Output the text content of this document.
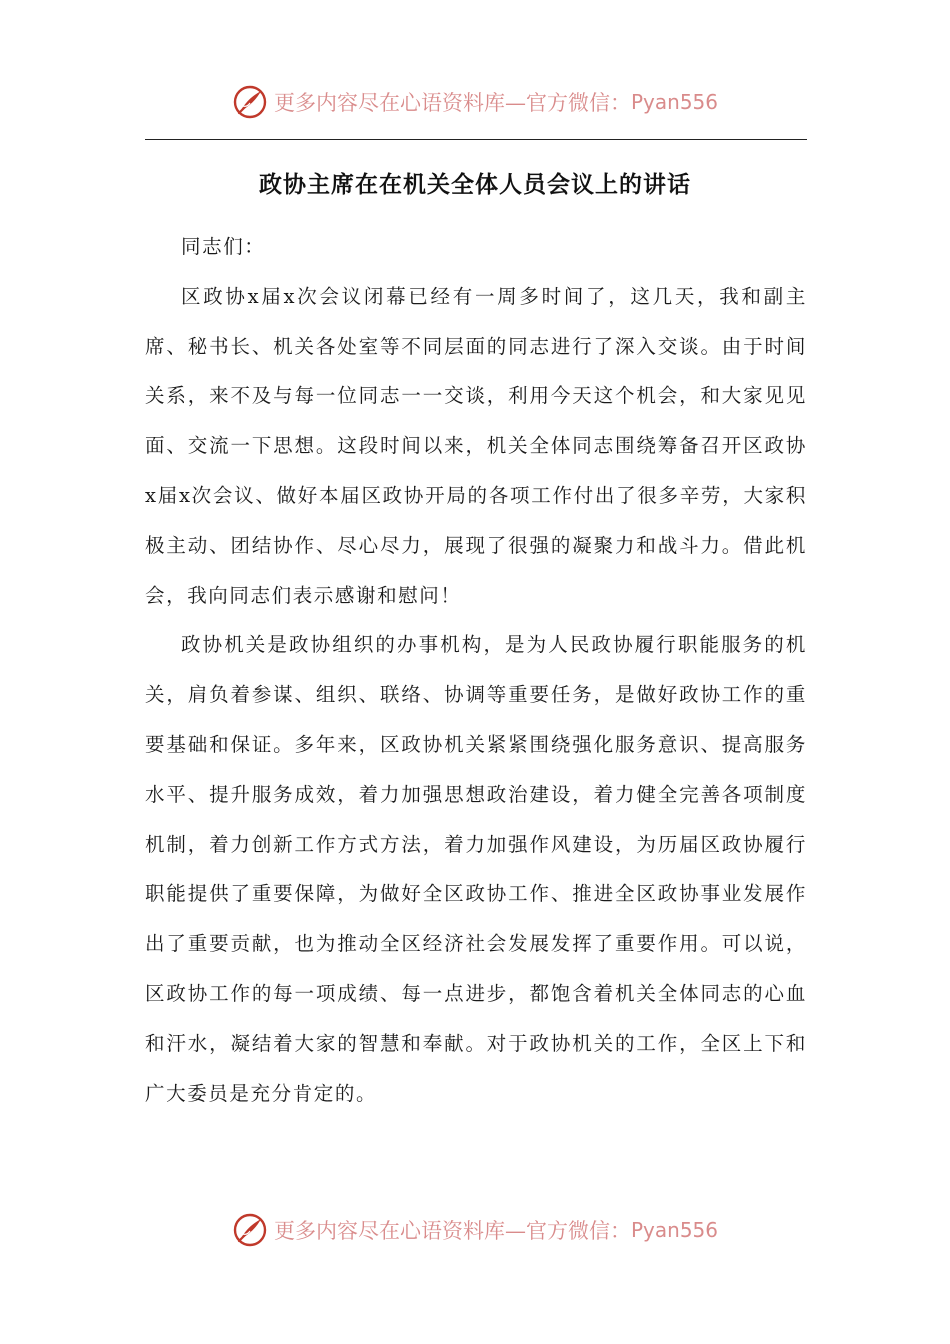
更多内容尽在心语资料库—官方微信： Pyan556
政协主席在在机关全体人员会议上的讲话

同志们：

区政协x届x次会议闭幕已经有一周多时间了，这几天，我和副主席、秘书长、机关各处室等不同层面的同志进行了深入交谈。由于时间关系，来不及与每一位同志一一交谈，利用今天这个机会，和大家见见面、交流一下思想。这段时间以来，机关全体同志围绕筹备召开区政协x届x次会议、做好本届区政协开局的各项工作付出了很多辛劳，大家积极主动、团结协作、尽心尽力，展现了很强的凝聚力和战斗力。借此机会，我向同志们表示感谢和慰问！

政协机关是政协组织的办事机构，是为人民政协履行职能服务的机关，肩负着参谋、组织、联络、协调等重要任务，是做好政协工作的重要基础和保证。多年来，区政协机关紧紧围绕强化服务意识、提高服务水平、提升服务成效，着力加强思想政治建设，着力健全完善各项制度机制，着力创新工作方式方法，着力加强作风建设，为历届区政协履行职能提供了重要保障，为做好全区政协工作、推进全区政协事业发展作出了重要贡献，也为推动全区经济社会发展发挥了重要作用。可以说，区政协工作的每一项成绩、每一点进步，都饱含着机关全体同志的心血和汗水，凝结着大家的智慧和奉献。对于政协机关的工作，全区上下和广大委员是充分肯定的。

更多内容尽在心语资料库—官方微信： Pyan556
